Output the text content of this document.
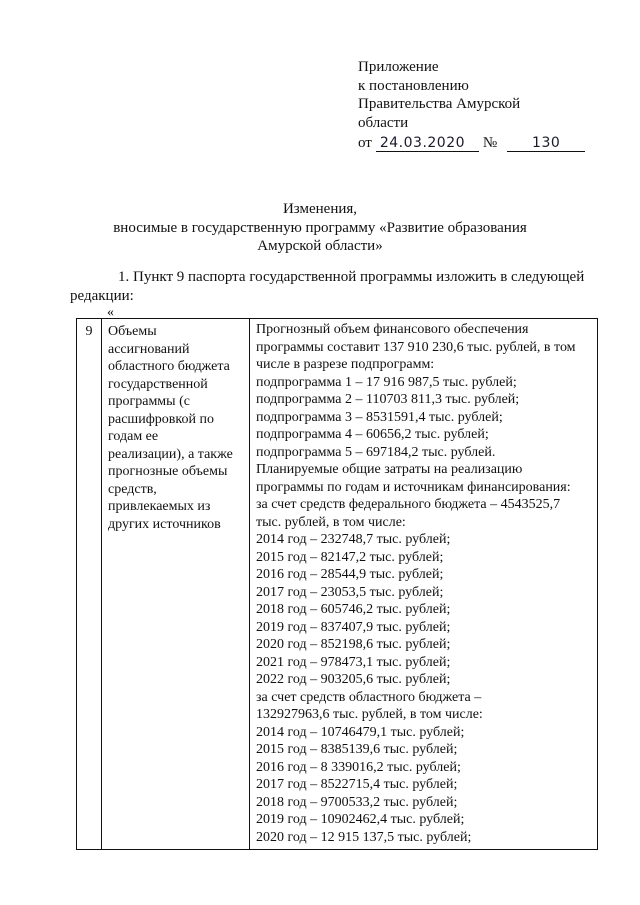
Приложение
к постановлению
Правительства Амурской
области
от 24.03.2020	№	130
Изменения,
вносимые в государственную программу «Развитие образования
Амурской области»
1. Пункт 9 паспорта государственной программы изложить в следующей
редакции:
«
9	Объемы
ассигнований
областного бюджета
государственной
программы (с
расшифровкой по
годам ее
реализации), а также
прогнозные объемы
средств,
привлекаемых из
других источников

Прогнозный объем финансового обеспечения
программы составит 137 910 230,6 тыс. рублей, в том
числе в разрезе подпрограмм:
подпрограмма 1 – 17 916 987,5 тыс. рублей;
подпрограмма 2 – 110703 811,3 тыс. рублей;
подпрограмма 3 – 8531591,4 тыс. рублей;
подпрограмма 4 – 60656,2 тыс. рублей;
подпрограмма 5 – 697184,2 тыс. рублей.
Планируемые общие затраты на реализацию
программы по годам и источникам финансирования:
за счет средств федерального бюджета – 4543525,7
тыс. рублей, в том числе:
2014 год – 232748,7 тыс. рублей;
2015 год – 82147,2 тыс. рублей;
2016 год – 28544,9 тыс. рублей;
2017 год – 23053,5 тыс. рублей;
2018 год – 605746,2 тыс. рублей;
2019 год – 837407,9 тыс. рублей;
2020 год – 852198,6 тыс. рублей;
2021 год – 978473,1 тыс. рублей;
2022 год – 903205,6 тыс. рублей;
за счет средств областного бюджета –
132927963,6 тыс. рублей, в том числе:
2014 год – 10746479,1 тыс. рублей;
2015 год – 8385139,6 тыс. рублей;
2016 год – 8 339016,2 тыс. рублей;
2017 год – 8522715,4 тыс. рублей;
2018 год – 9700533,2 тыс. рублей;
2019 год – 10902462,4 тыс. рублей;
2020 год – 12 915 137,5 тыс. рублей;
